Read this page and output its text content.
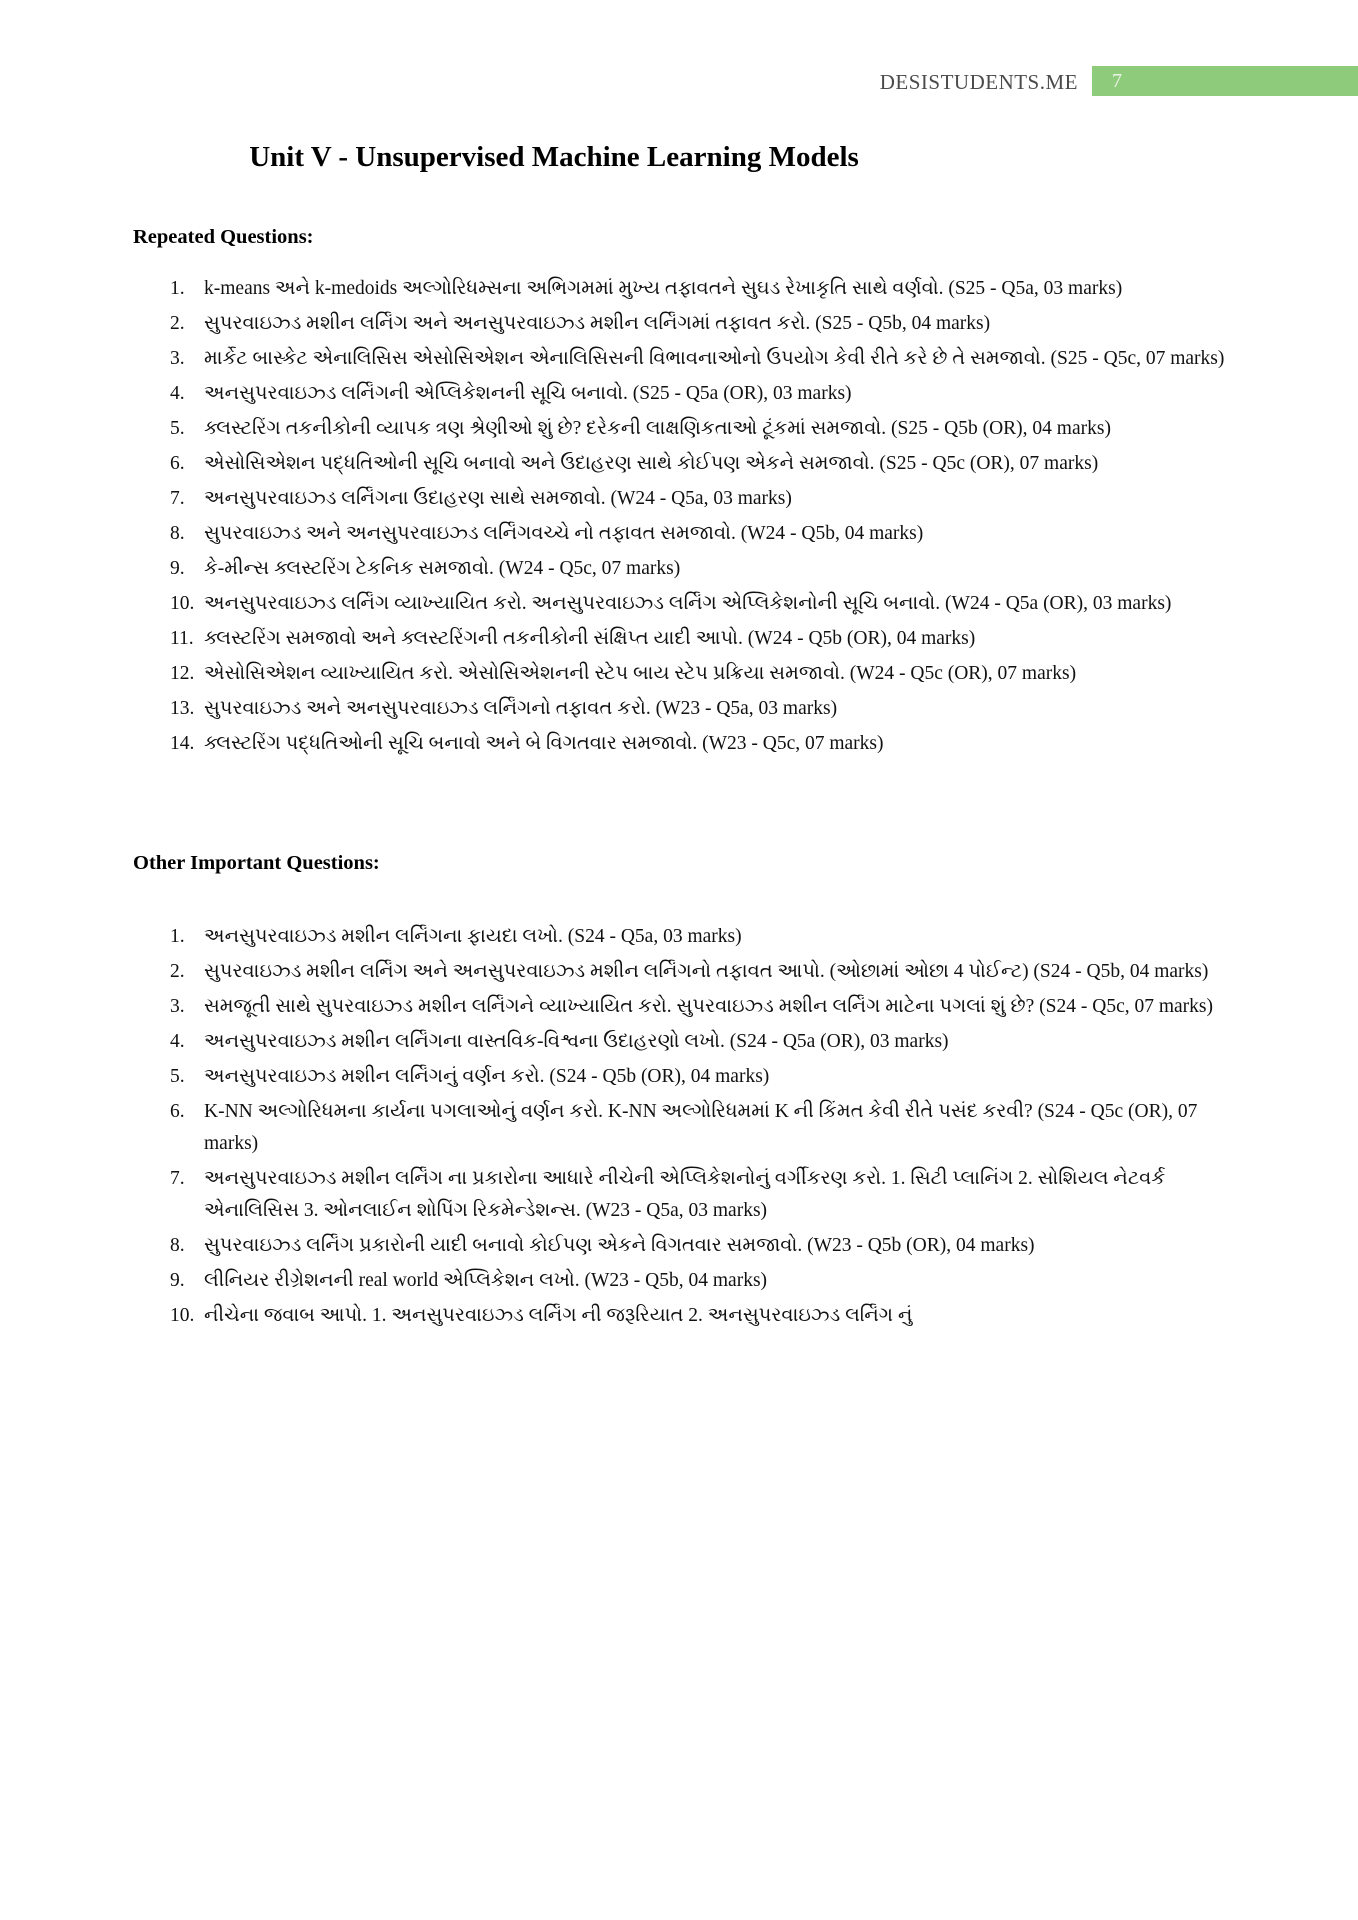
DESISTUDENTS.ME	7
Unit V - Unsupervised Machine Learning Models
Repeated Questions:
1. k-means અને k-medoids અલ્ગોરિધમ્સના અભિગમમાં મુખ્ય તફાવતને સુઘડ રેખાકૃતિ સાથે વર્ણવો. (S25 - Q5a, 03 marks)
2. સુપરવાઇઝ્ડ મશીન લર્નિંગ અને અનસુપરવાઇઝ્ડ મશીન લર્નિંગમાં તફાવત કરો. (S25 - Q5b, 04 marks)
3. માર્કેટ બાસ્કેટ એનાલિસિસ એસોસિએશન એનાલિસિસની વિભાવનાઓનો ઉપયોગ કેવી રીતે કરે છે તે સમજાવો. (S25 - Q5c, 07 marks)
4. અનસુપરવાઇઝ્ડ લર્નિંગની એપ્લિકેશનની સૂચિ બનાવો. (S25 - Q5a (OR), 03 marks)
5. ક્લસ્ટરિંગ તકનીકોની વ્યાપક ત્રણ શ્રેણીઓ શું છે? દરેકની લાક્ષણિકતાઓ ટૂંકમાં સમજાવો. (S25 - Q5b (OR), 04 marks)
6. એસોસિએશન પદ્ધતિઓની સૂચિ બનાવો અને ઉદાહરણ સાથે કોઈપણ એકને સમજાવો. (S25 - Q5c (OR), 07 marks)
7. અનસુપરવાઇઝ્ડ લર્નિંગના ઉદાહરણ સાથે સમજાવો. (W24 - Q5a, 03 marks)
8. સુપરવાઇઝ્ડ અને અનસુપરવાઇઝ્ડ લર્નિંગવચ્ચે નો તફાવત સમજાવો. (W24 - Q5b, 04 marks)
9. કે-મીન્સ ક્લસ્ટરિંગ ટેકનિક સમજાવો. (W24 - Q5c, 07 marks)
10. અનસુપરવાઇઝ્ડ લર્નિંગ વ્યાખ્યાયિત કરો. અનસુપરવાઇઝ્ડ લર્નિંગ એપ્લિકેશનોની સૂચિ બનાવો. (W24 - Q5a (OR), 03 marks)
11. ક્લસ્ટરિંગ સમજાવો અને ક્લસ્ટરિંગની તકનીકોની સંક્ષિપ્ત યાદી આપો. (W24 - Q5b (OR), 04 marks)
12. એસોસિએશન વ્યાખ્યાયિત કરો. એસોસિએશનની સ્ટેપ બાય સ્ટેપ પ્રક્રિયા સમજાવો. (W24 - Q5c (OR), 07 marks)
13. સુપરવાઇઝ્ડ અને અનસુપરવાઇઝ્ડ લર્નિંગનો તફાવત કરો. (W23 - Q5a, 03 marks)
14. ક્લસ્ટરિંગ પદ્ધતિઓની સૂચિ બનાવો અને બે વિગતવાર સમજાવો. (W23 - Q5c, 07 marks)
Other Important Questions:
1. અનસુપરવાઇઝ્ડ મશીન લર્નિંગના ફાયદા લખો. (S24 - Q5a, 03 marks)
2. સુપરવાઇઝ્ડ મશીન લર્નિંગ અને અનસુપરવાઇઝ્ડ મશીન લર્નિંગનો તફાવત આપો. (ઓછામાં ઓછા 4 પોઈન્ટ) (S24 - Q5b, 04 marks)
3. સમજૂતી સાથે સુપરવાઇઝ્ડ મશીન લર્નિંગને વ્યાખ્યાયિત કરો. સુપરવાઇઝ્ડ મશીન લર્નિંગ માટેના પગલાં શું છે? (S24 - Q5c, 07 marks)
4. અનસુપરવાઇઝ્ડ મશીન લર્નિંગના વાસ્તવિક-વિશ્વના ઉદાહરણો લખો. (S24 - Q5a (OR), 03 marks)
5. અનસુપરવાઇઝ્ડ મશીન લર્નિંગનું વર્ણન કરો. (S24 - Q5b (OR), 04 marks)
6. K-NN અલ્ગોરિધમના કાર્યના પગલાઓનું વર્ણન કરો. K-NN અલ્ગોરિધમમાં K ની કિંમત કેવી રીતે પસંદ કરવી? (S24 - Q5c (OR), 07 marks)
7. અનસુપરવાઇઝ્ડ મશીન લર્નિંગ ના પ્રકારોના આધારે નીચેની એપ્લિકેશનોનું વર્ગીકરણ કરો. 1. સિટી પ્લાનિંગ 2. સોશિયલ નેટવર્ક એનાલિસિસ 3. ઓનલાઈન શોપિંગ રિકમેન્ડેશન્સ. (W23 - Q5a, 03 marks)
8. સુપરવાઇઝ્ડ લર્નિંગ પ્રકારોની યાદી બનાવો કોઈપણ એકને વિગતવાર સમજાવો. (W23 - Q5b (OR), 04 marks)
9. લીનિયર રીગ્રેશનની real world એપ્લિકેશન લખો. (W23 - Q5b, 04 marks)
10. નીચેના જવાબ આપો. 1. અનસુપરવાઇઝ્ડ લર્નિંગ ની જરૂરિયાત 2. અનસુપરવાઇઝ્ડ લર્નિંગ નું
